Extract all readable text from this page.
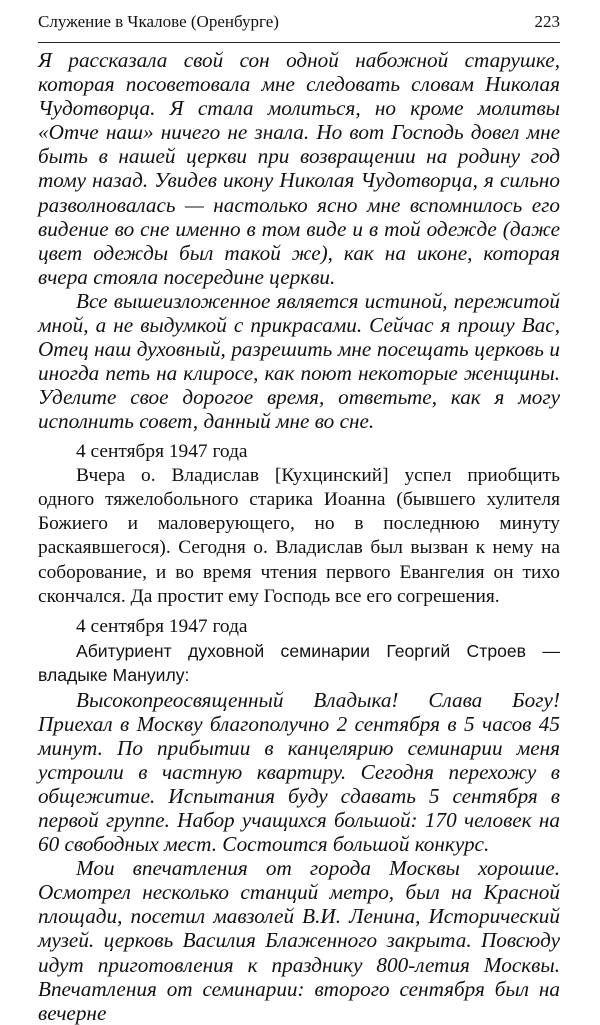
Служение в Чкалове (Оренбурге)	223

Я рассказала свой сон одной набожной старушке, которая посоветовала мне следовать словам Николая Чудотворца. Я стала молиться, но кроме молитвы «Отче наш» ничего не знала. Но вот Господь довел мне быть в нашей церкви при возвращении на родину год тому назад. Увидев икону Николая Чудотворца, я сильно разволновалась — настолько ясно мне вспомнилось его видение во сне именно в том виде и в той одежде (даже цвет одежды был такой же), как на иконе, которая вчера стояла посередине церкви.

Все вышеизложенное является истиной, пережитой мной, а не выдумкой с прикрасами. Сейчас я прошу Вас, Отец наш духовный, разрешить мне посещать церковь и иногда петь на клиросе, как поют некоторые женщины. Уделите свое дорогое время, ответьте, как я могу исполнить совет, данный мне во сне.

4 сентября 1947 года

Вчера о. Владислав [Кухцинский] успел приобщить одного тяжелобольного старика Иоанна (бывшего хулителя Божиего и маловерующего, но в последнюю минуту раскаявшегося). Сегодня о. Владислав был вызван к нему на соборование, и во время чтения первого Евангелия он тихо скончался. Да простит ему Господь все его согрешения.

4 сентября 1947 года

Абитуриент духовной семинарии Георгий Строев — владыке Мануилу:

Высокопреосвященный Владыка! Слава Богу! Приехал в Москву благополучно 2 сентября в 5 часов 45 минут. По прибытии в канцелярию семинарии меня устроили в частную квартиру. Сегодня перехожу в общежитие. Испытания буду сдавать 5 сентября в первой группе. Набор учащихся большой: 170 человек на 60 свободных мест. Состоится большой конкурс.

Мои впечатления от города Москвы хорошие. Осмотрел несколько станций метро, был на Красной площади, посетил мавзолей В.И. Ленина, Исторический музей. церковь Василия Блаженного закрыта. Повсюду идут приготовления к празднику 800-летия Москвы. Впечатления от семинарии: второго сентября был на вечерне
